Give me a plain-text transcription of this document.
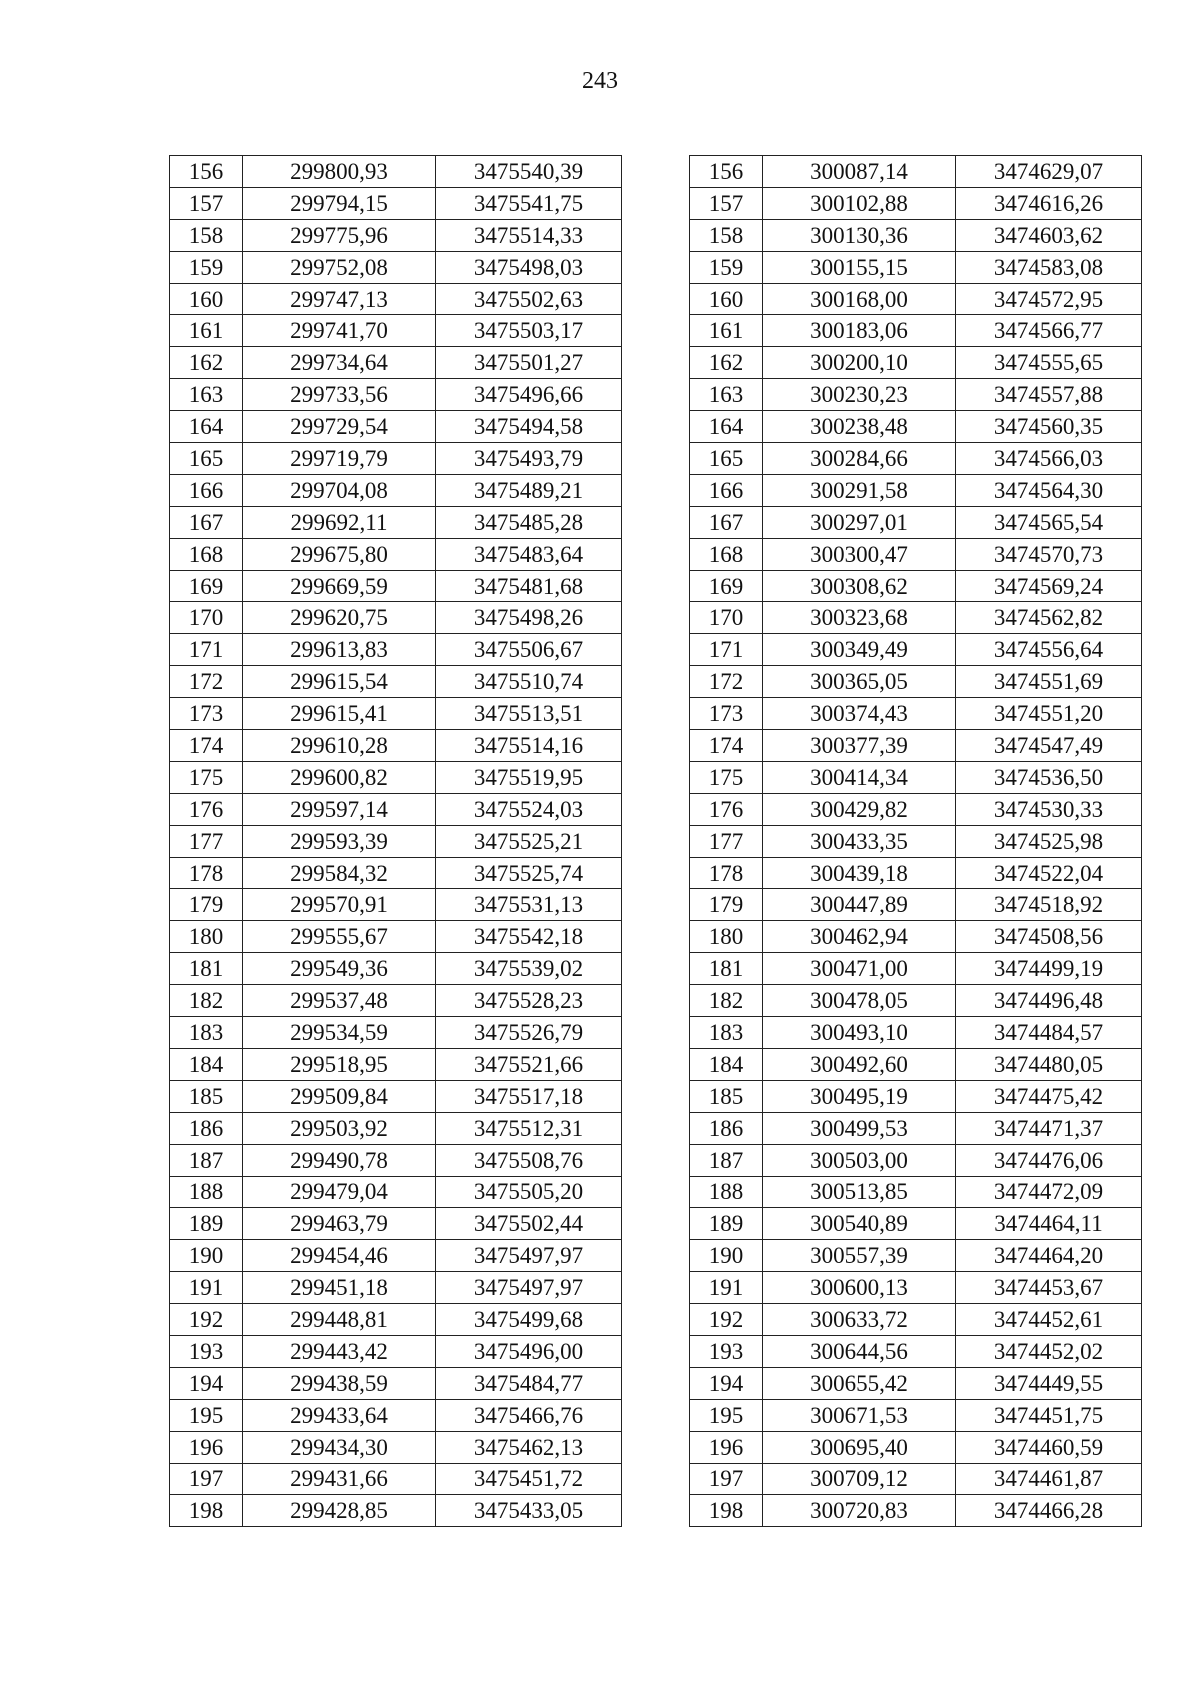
243
156	299800,93	3475540,39
157	299794,15	3475541,75
158	299775,96	3475514,33
159	299752,08	3475498,03
160	299747,13	3475502,63
161	299741,70	3475503,17
162	299734,64	3475501,27
163	299733,56	3475496,66
164	299729,54	3475494,58
165	299719,79	3475493,79
166	299704,08	3475489,21
167	299692,11	3475485,28
168	299675,80	3475483,64
169	299669,59	3475481,68
170	299620,75	3475498,26
171	299613,83	3475506,67
172	299615,54	3475510,74
173	299615,41	3475513,51
174	299610,28	3475514,16
175	299600,82	3475519,95
176	299597,14	3475524,03
177	299593,39	3475525,21
178	299584,32	3475525,74
179	299570,91	3475531,13
180	299555,67	3475542,18
181	299549,36	3475539,02
182	299537,48	3475528,23
183	299534,59	3475526,79
184	299518,95	3475521,66
185	299509,84	3475517,18
186	299503,92	3475512,31
187	299490,78	3475508,76
188	299479,04	3475505,20
189	299463,79	3475502,44
190	299454,46	3475497,97
191	299451,18	3475497,97
192	299448,81	3475499,68
193	299443,42	3475496,00
194	299438,59	3475484,77
195	299433,64	3475466,76
196	299434,30	3475462,13
197	299431,66	3475451,72
198	299428,85	3475433,05
156	300087,14	3474629,07
157	300102,88	3474616,26
158	300130,36	3474603,62
159	300155,15	3474583,08
160	300168,00	3474572,95
161	300183,06	3474566,77
162	300200,10	3474555,65
163	300230,23	3474557,88
164	300238,48	3474560,35
165	300284,66	3474566,03
166	300291,58	3474564,30
167	300297,01	3474565,54
168	300300,47	3474570,73
169	300308,62	3474569,24
170	300323,68	3474562,82
171	300349,49	3474556,64
172	300365,05	3474551,69
173	300374,43	3474551,20
174	300377,39	3474547,49
175	300414,34	3474536,50
176	300429,82	3474530,33
177	300433,35	3474525,98
178	300439,18	3474522,04
179	300447,89	3474518,92
180	300462,94	3474508,56
181	300471,00	3474499,19
182	300478,05	3474496,48
183	300493,10	3474484,57
184	300492,60	3474480,05
185	300495,19	3474475,42
186	300499,53	3474471,37
187	300503,00	3474476,06
188	300513,85	3474472,09
189	300540,89	3474464,11
190	300557,39	3474464,20
191	300600,13	3474453,67
192	300633,72	3474452,61
193	300644,56	3474452,02
194	300655,42	3474449,55
195	300671,53	3474451,75
196	300695,40	3474460,59
197	300709,12	3474461,87
198	300720,83	3474466,28
